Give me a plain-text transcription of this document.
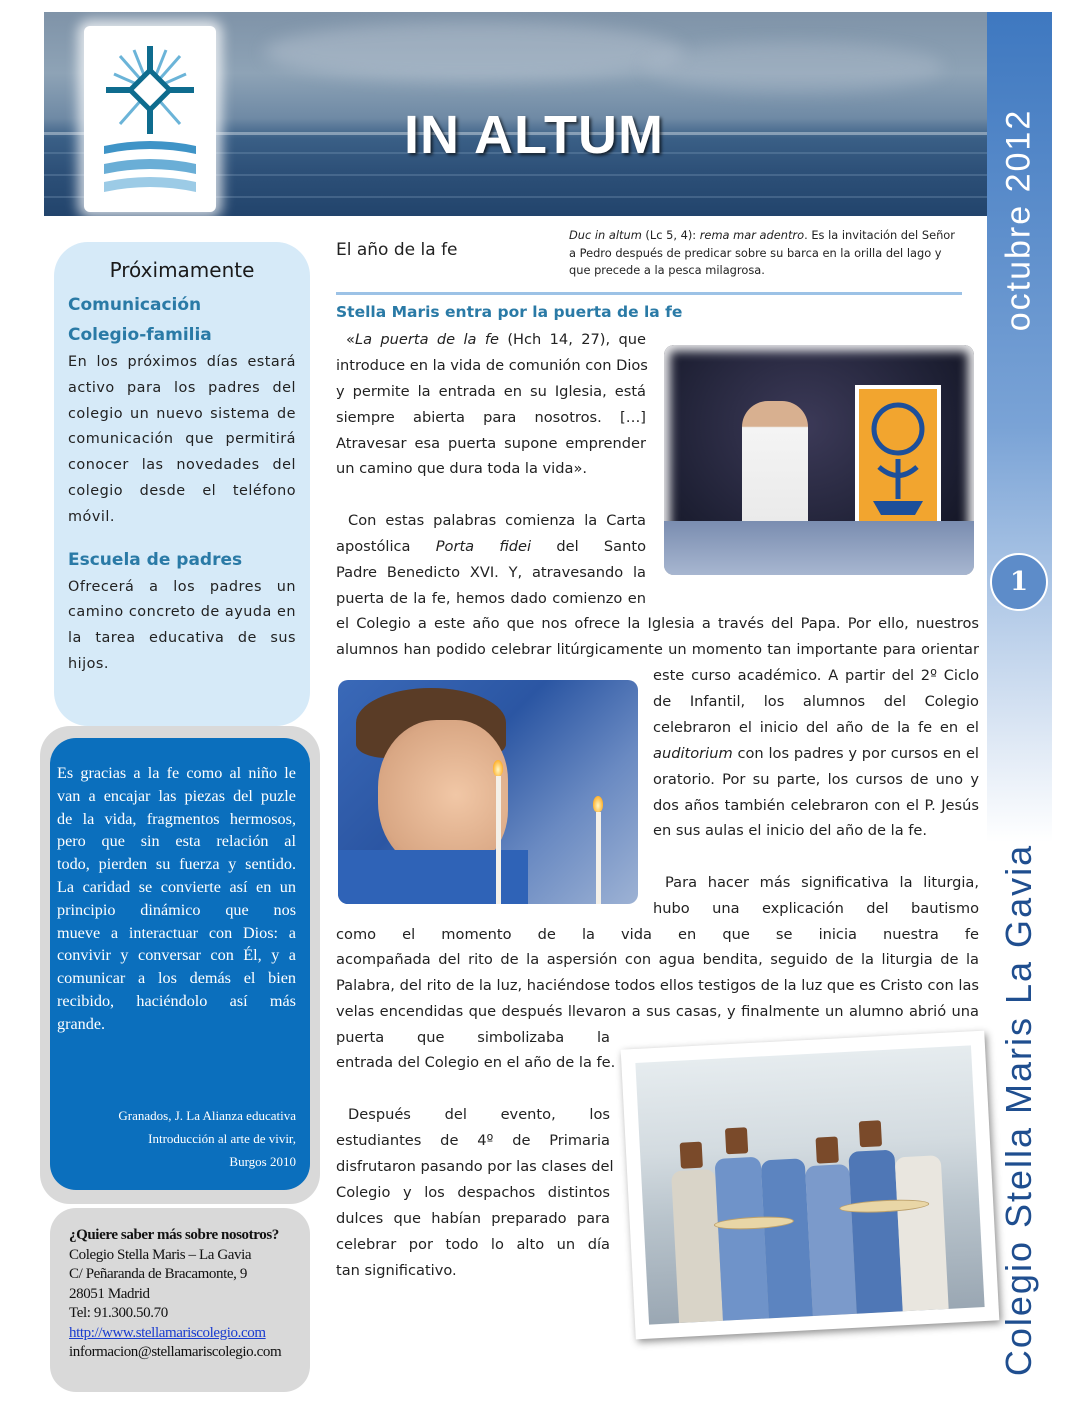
IN ALTUM	octubre 2012
1
Colegio Stella Maris La Gavia
Próximamente
Comunicación
Colegio-familia

En los próximos días estará

activo para los padres del

colegio un nuevo sistema de

comunicación que permitirá

conocer las novedades del

colegio desde el teléfono

móvil.

Escuela de padres

Ofrecerá a los padres un

camino concreto de ayuda en

la tarea educativa de sus

hijos.

Es gracias a la fe como al niño le

van a encajar las piezas del puzle

de la vida, fragmentos hermosos,

pero que sin esta relación al

todo, pierden su fuerza y sentido.

La caridad se convierte así en un

principio dinámico que nos

mueve a interactuar con Dios: a

convivir y conversar con Él, y a

comunicar a los demás el bien

recibido, haciéndolo así más

grande.

Granados, J. La Alianza educativa
Introducción al arte de vivir,
Burgos 2010
¿Quiere saber más sobre nosotros?
Colegio Stella Maris – La Gavia
C/ Peñaranda de Bracamonte, 9
28051 Madrid
Tel: 91.300.50.70
http://www.stellamariscolegio.com
informacion@stellamariscolegio.com
El año de la fe
Duc in altum (Lc 5, 4): rema mar adentro. Es la invitación del Señor
a Pedro después de predicar sobre su barca en la orilla del lago y
que precede a la pesca milagrosa.
Stella Maris entra por la puerta de la fe
«La puerta de la fe (Hch 14, 27), que
introduce en la vida de comunión con Dios
y permite la entrada en su Iglesia, está
siempre abierta para nosotros. […]
Atravesar esa puerta supone emprender
un camino que dura toda la vida».
Con estas palabras comienza la Carta
apostólica Porta fidei del Santo
Padre Benedicto XVI. Y, atravesando la
puerta de la fe, hemos dado comienzo en
el Colegio a este año que nos ofrece la Iglesia a través del Papa. Por ello, nuestros
alumnos han podido celebrar litúrgicamente un momento tan importante para orientar
este curso académico. A partir del 2º Ciclo
de Infantil, los alumnos del Colegio
celebraron el inicio del año de la fe en el
auditorium con los padres y por cursos en el
oratorio. Por su parte, los cursos de uno y
dos años también celebraron con el P. Jesús
en sus aulas el inicio del año de la fe.
Para hacer más significativa la liturgia,
hubo una explicación del bautismo
como el momento de la vida en que se inicia nuestra fe
acompañada del rito de la aspersión con agua bendita, seguido de la liturgia de la
Palabra, del rito de la luz, haciéndose todos ellos testigos de la luz que es Cristo con las
velas encendidas que después llevaron a sus casas, y finalmente un alumno abrió una
puerta que simbolizaba la
entrada del Colegio en el año de la fe.
Después del evento, los
estudiantes de 4º de Primaria
disfrutaron pasando por las clases del
Colegio y los despachos distintos
dulces que habían preparado para
celebrar por todo lo alto un día
tan significativo.
